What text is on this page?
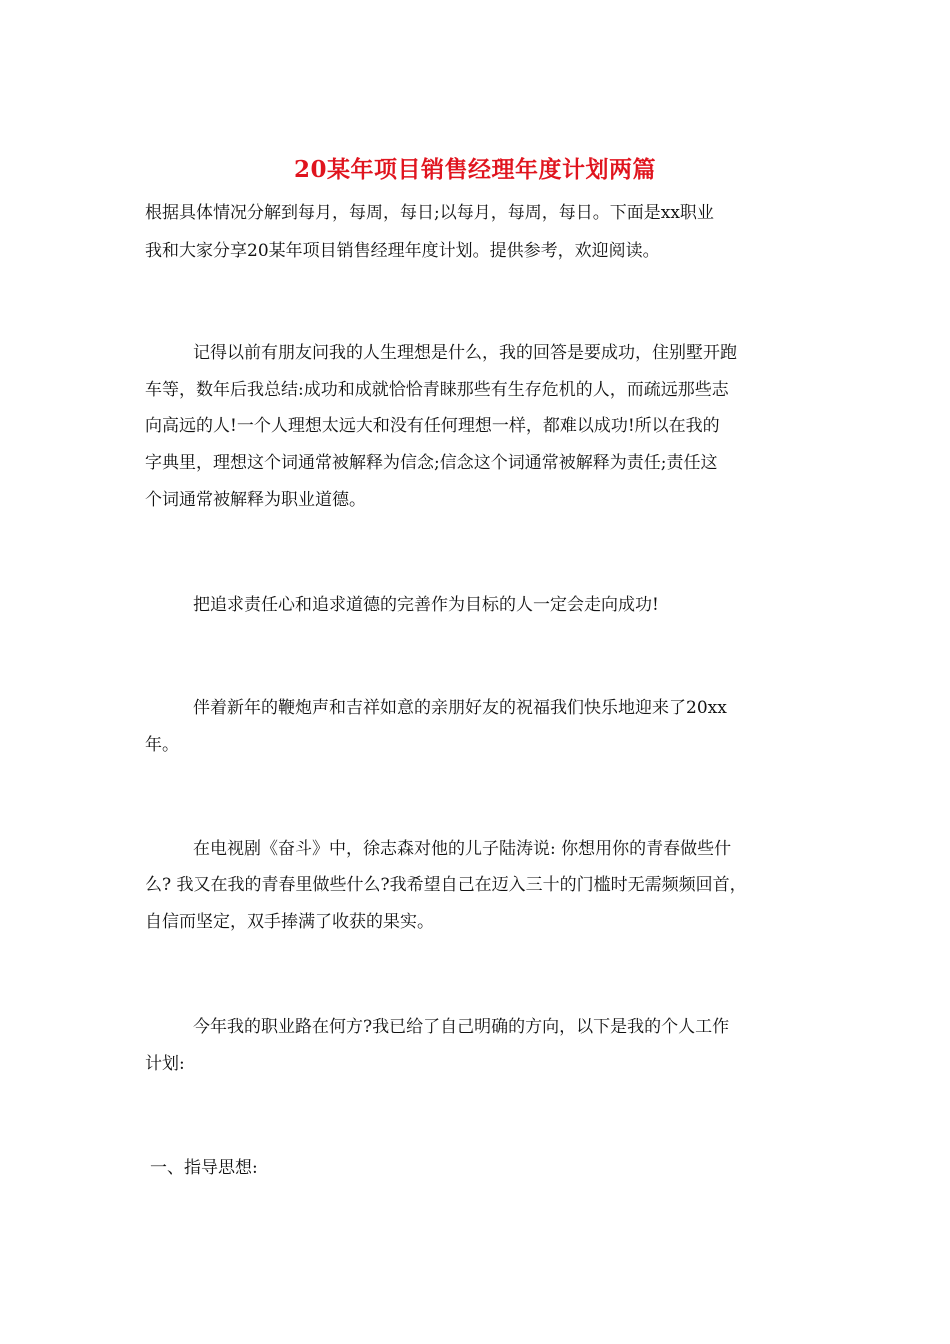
20某年项目销售经理年度计划两篇
根据具体情况分解到每月，每周，每日;以每月，每周，每日。下面是xx职业
我和大家分享20某年项目销售经理年度计划。提供参考，欢迎阅读。
记得以前有朋友问我的人生理想是什么，我的回答是要成功，住别墅开跑
车等，数年后我总结:成功和成就恰恰青睐那些有生存危机的人，而疏远那些志
向高远的人!一个人理想太远大和没有任何理想一样，都难以成功!所以在我的
字典里，理想这个词通常被解释为信念;信念这个词通常被解释为责任;责任这
个词通常被解释为职业道德。
把追求责任心和追求道德的完善作为目标的人一定会走向成功!
伴着新年的鞭炮声和吉祥如意的亲朋好友的祝福我们快乐地迎来了20xx
年。
在电视剧《奋斗》中，徐志森对他的儿子陆涛说: 你想用你的青春做些什
么? 我又在我的青春里做些什么?我希望自己在迈入三十的门槛时无需频频回首，
自信而坚定，双手捧满了收获的果实。
今年我的职业路在何方?我已给了自己明确的方向，以下是我的个人工作
计划:
一、指导思想:
